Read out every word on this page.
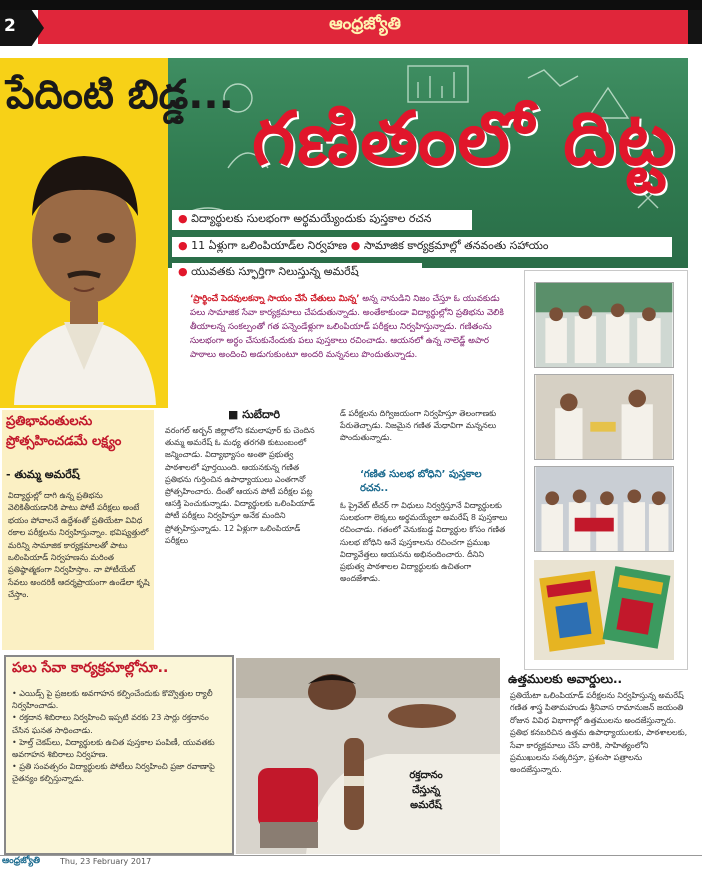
2	ఆంధ్రజ్యోతి
పేదింటి బిడ్డ...
గణితంలో దిట్ట
● విద్యార్థులకు సులభంగా అర్థమయ్యేందుకు పుస్తకాల రచన
● 11 ఏళ్లుగా ఒలింపియాడ్‌ల నిర్వహణ ● సామాజిక కార్యక్రమాల్లో తనవంతు సహాయం
● యువతకు స్ఫూర్తిగా నిలుస్తున్న అమరేష్
‘ప్రార్థించే పెదవులకన్నా సాయం చేసే చేతులు మిన్న’ అన్న నానుడిని నిజం చేస్తూ ఓ యువకుడు పలు సామాజిక సేవా కార్యక్రమాలు చేపడుతున్నాడు. అంతేకాకుండా విద్యార్థుల్లోని ప్రతిభను వెలికి తీయాలన్న సంకల్పంతో గత పన్నెండేళ్లుగా ఒలింపియాడ్ పరీక్షలు నిర్వహిస్తున్నాడు. గణితంను సులభంగా అర్థం చేసుకునేందుకు పలు పుస్తకాలు రచించాడు. ఆయనలో ఉన్న నాలెడ్జ్ అపార పాఠాలు అందించి అడుగుకుంటూ అందరి మన్ననలు పొందుతున్నాడు.
ప్రతిభావంతులను ప్రోత్సహించడమే లక్ష్యం
- తుమ్మ అమరేష్
విద్యార్థుల్లో దాగి ఉన్న ప్రతిభను వెలికితీయడానికి పాటు పోటీ పరీక్షలు అంటే భయం పోవాలనే ఉద్దేశంతో ప్రతియేటా వివిధ రకాల పరీక్షలను నిర్వహిస్తున్నాం. భవిష్యత్తులో మరిన్ని సామాజిక కార్యక్రమాలతో పాటు ఒలింపియాడ్ నిర్వహణను మరింత ప్రతిష్ఠాత్మకంగా నిర్వహిస్తాం. నా పోటీయేట్ సేవలు అందరికీ ఆదర్శప్రాయంగా ఉండేలా కృషి చేస్తాం.
■ సుబేదారి
వరంగల్ అర్బన్ జిల్లాలోని కమలాపూర్ కు చెందిన తుమ్మ అమరేష్ ఓ మధ్య తరగతి కుటుంబంలో జన్మించాడు. విద్యాభ్యాసం అంతా ప్రభుత్వ పాఠశాలలో పూర్తయింది. ఆయనకున్న గణిత ప్రతిభను గుర్తించిన ఉపాధ్యాయులు ఎంతగానో ప్రోత్సహించారు. దీంతో ఆయన పోటీ పరీక్షల పట్ల ఆసక్తి పెంచుకున్నాడు. విద్యార్థులకు ఒలింపియాడ్ పోటీ పరీక్షలు నిర్వహిస్తూ అనేక మందిని ప్రోత్సహిస్తున్నాడు. 12 ఏళ్లుగా ఒలింపియాడ్ పరీక్షలు
డ్ పరీక్షలను దిగ్విజయంగా నిర్వహిస్తూ తెలంగాణకు పేరుతెచ్చాడు. నిజమైన గణిత మేధావిగా మన్ననలు పొందుతున్నాడు.
‘గణిత సులభ బోధిని’ పుస్తకాల రచన..
ఓ ప్రైవేట్ టీచర్ గా విధులు నిర్వర్తిస్తూనే విద్యార్థులకు సులభంగా లెక్కలు అర్థమయ్యేలా అమరేష్ 8 పుస్తకాలు రచించాడు. గతంలో వెనుకబడ్డ విద్యార్థుల కోసం గణిత సులభ బోధిని అనే పుస్తకాలను రచించగా ప్రముఖ విద్యావేత్తలు ఆయనను అభినందించారు. దీనిని ప్రభుత్వ పాఠశాలల విద్యార్థులకు ఉచితంగా అందజేశాడు.
పలు సేవా కార్యక్రమాల్లోనూ..
• ఎయిడ్స్ పై ప్రజలకు అవగాహన కల్పించేందుకు కొవ్వొత్తుల ర్యాలీ నిర్వహించాడు.
• రక్తదాన శిబిరాలు నిర్వహించి ఇప్పటి వరకు 23 సార్లు రక్తదానం చేసిన ఘనత సాధించాడు.
• హెల్త్ చెకప్‌లు, విద్యార్థులకు ఉచిత పుస్తకాల పంపిణీ, యువతకు అవగాహన శిబిరాలు నిర్వహణ.
• ప్రతి సంవత్సరం విద్యార్థులకు పోటీలు నిర్వహించి ప్రజా రవాణాపై చైతన్యం కల్పిస్తున్నాడు.	రక్తదానం చేస్తున్న అమరేష్
ఉత్తములకు అవార్డులు..
ప్రతియేటా ఒలింపియాడ్ పరీక్షలను నిర్వహిస్తున్న అమరేష్ గణిత శాస్త్ర పితామహుడు శ్రీనివాస రామానుజన్ జయంతి రోజున వివిధ విభాగాల్లో ఉత్తములను అందజేస్తున్నారు. ప్రతిభ కనబరిచిన ఉత్తమ ఉపాధ్యాయులకు, పాఠశాలలకు, సేవా కార్యక్రమాలు చేసే వారికి, సాహిత్యంలోని ప్రముఖులను సత్కరిస్తూ, ప్రశంసా పత్రాలను అందజేస్తున్నారు.
ఆంధ్రజ్యోతి Thu, 23 February 2017
